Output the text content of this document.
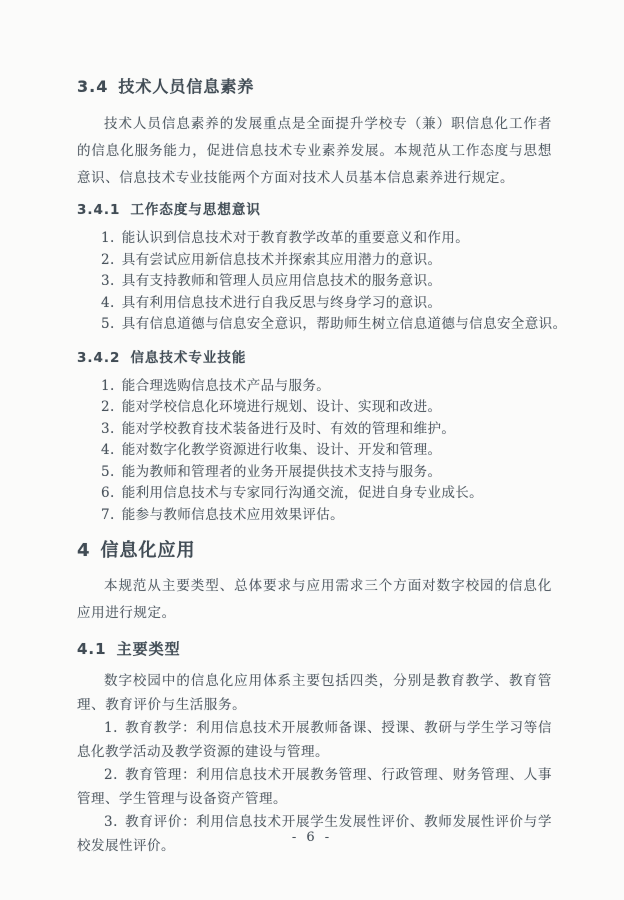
3.4 技术人员信息素养

技术人员信息素养的发展重点是全面提升学校专（兼）职信息化工作者的信息化服务能力，促进信息技术专业素养发展。本规范从工作态度与思想意识、信息技术专业技能两个方面对技术人员基本信息素养进行规定。

3.4.1 工作态度与思想意识
1. 能认识到信息技术对于教育教学改革的重要意义和作用。
2. 具有尝试应用新信息技术并探索其应用潜力的意识。
3. 具有支持教师和管理人员应用信息技术的服务意识。
4. 具有利用信息技术进行自我反思与终身学习的意识。
5. 具有信息道德与信息安全意识，帮助师生树立信息道德与信息安全意识。
3.4.2 信息技术专业技能
1. 能合理选购信息技术产品与服务。
2. 能对学校信息化环境进行规划、设计、实现和改进。
3. 能对学校教育技术装备进行及时、有效的管理和维护。
4. 能对数字化教学资源进行收集、设计、开发和管理。
5. 能为教师和管理者的业务开展提供技术支持与服务。
6. 能利用信息技术与专家同行沟通交流，促进自身专业成长。
7. 能参与教师信息技术应用效果评估。
4 信息化应用

本规范从主要类型、总体要求与应用需求三个方面对数字校园的信息化应用进行规定。

4.1 主要类型

数字校园中的信息化应用体系主要包括四类，分别是教育教学、教育管理、教育评价与生活服务。

1. 教育教学：利用信息技术开展教师备课、授课、教研与学生学习等信息化教学活动及教学资源的建设与管理。

2. 教育管理：利用信息技术开展教务管理、行政管理、财务管理、人事管理、学生管理与设备资产管理。

3. 教育评价：利用信息技术开展学生发展性评价、教师发展性评价与学校发展性评价。	- 6 -
